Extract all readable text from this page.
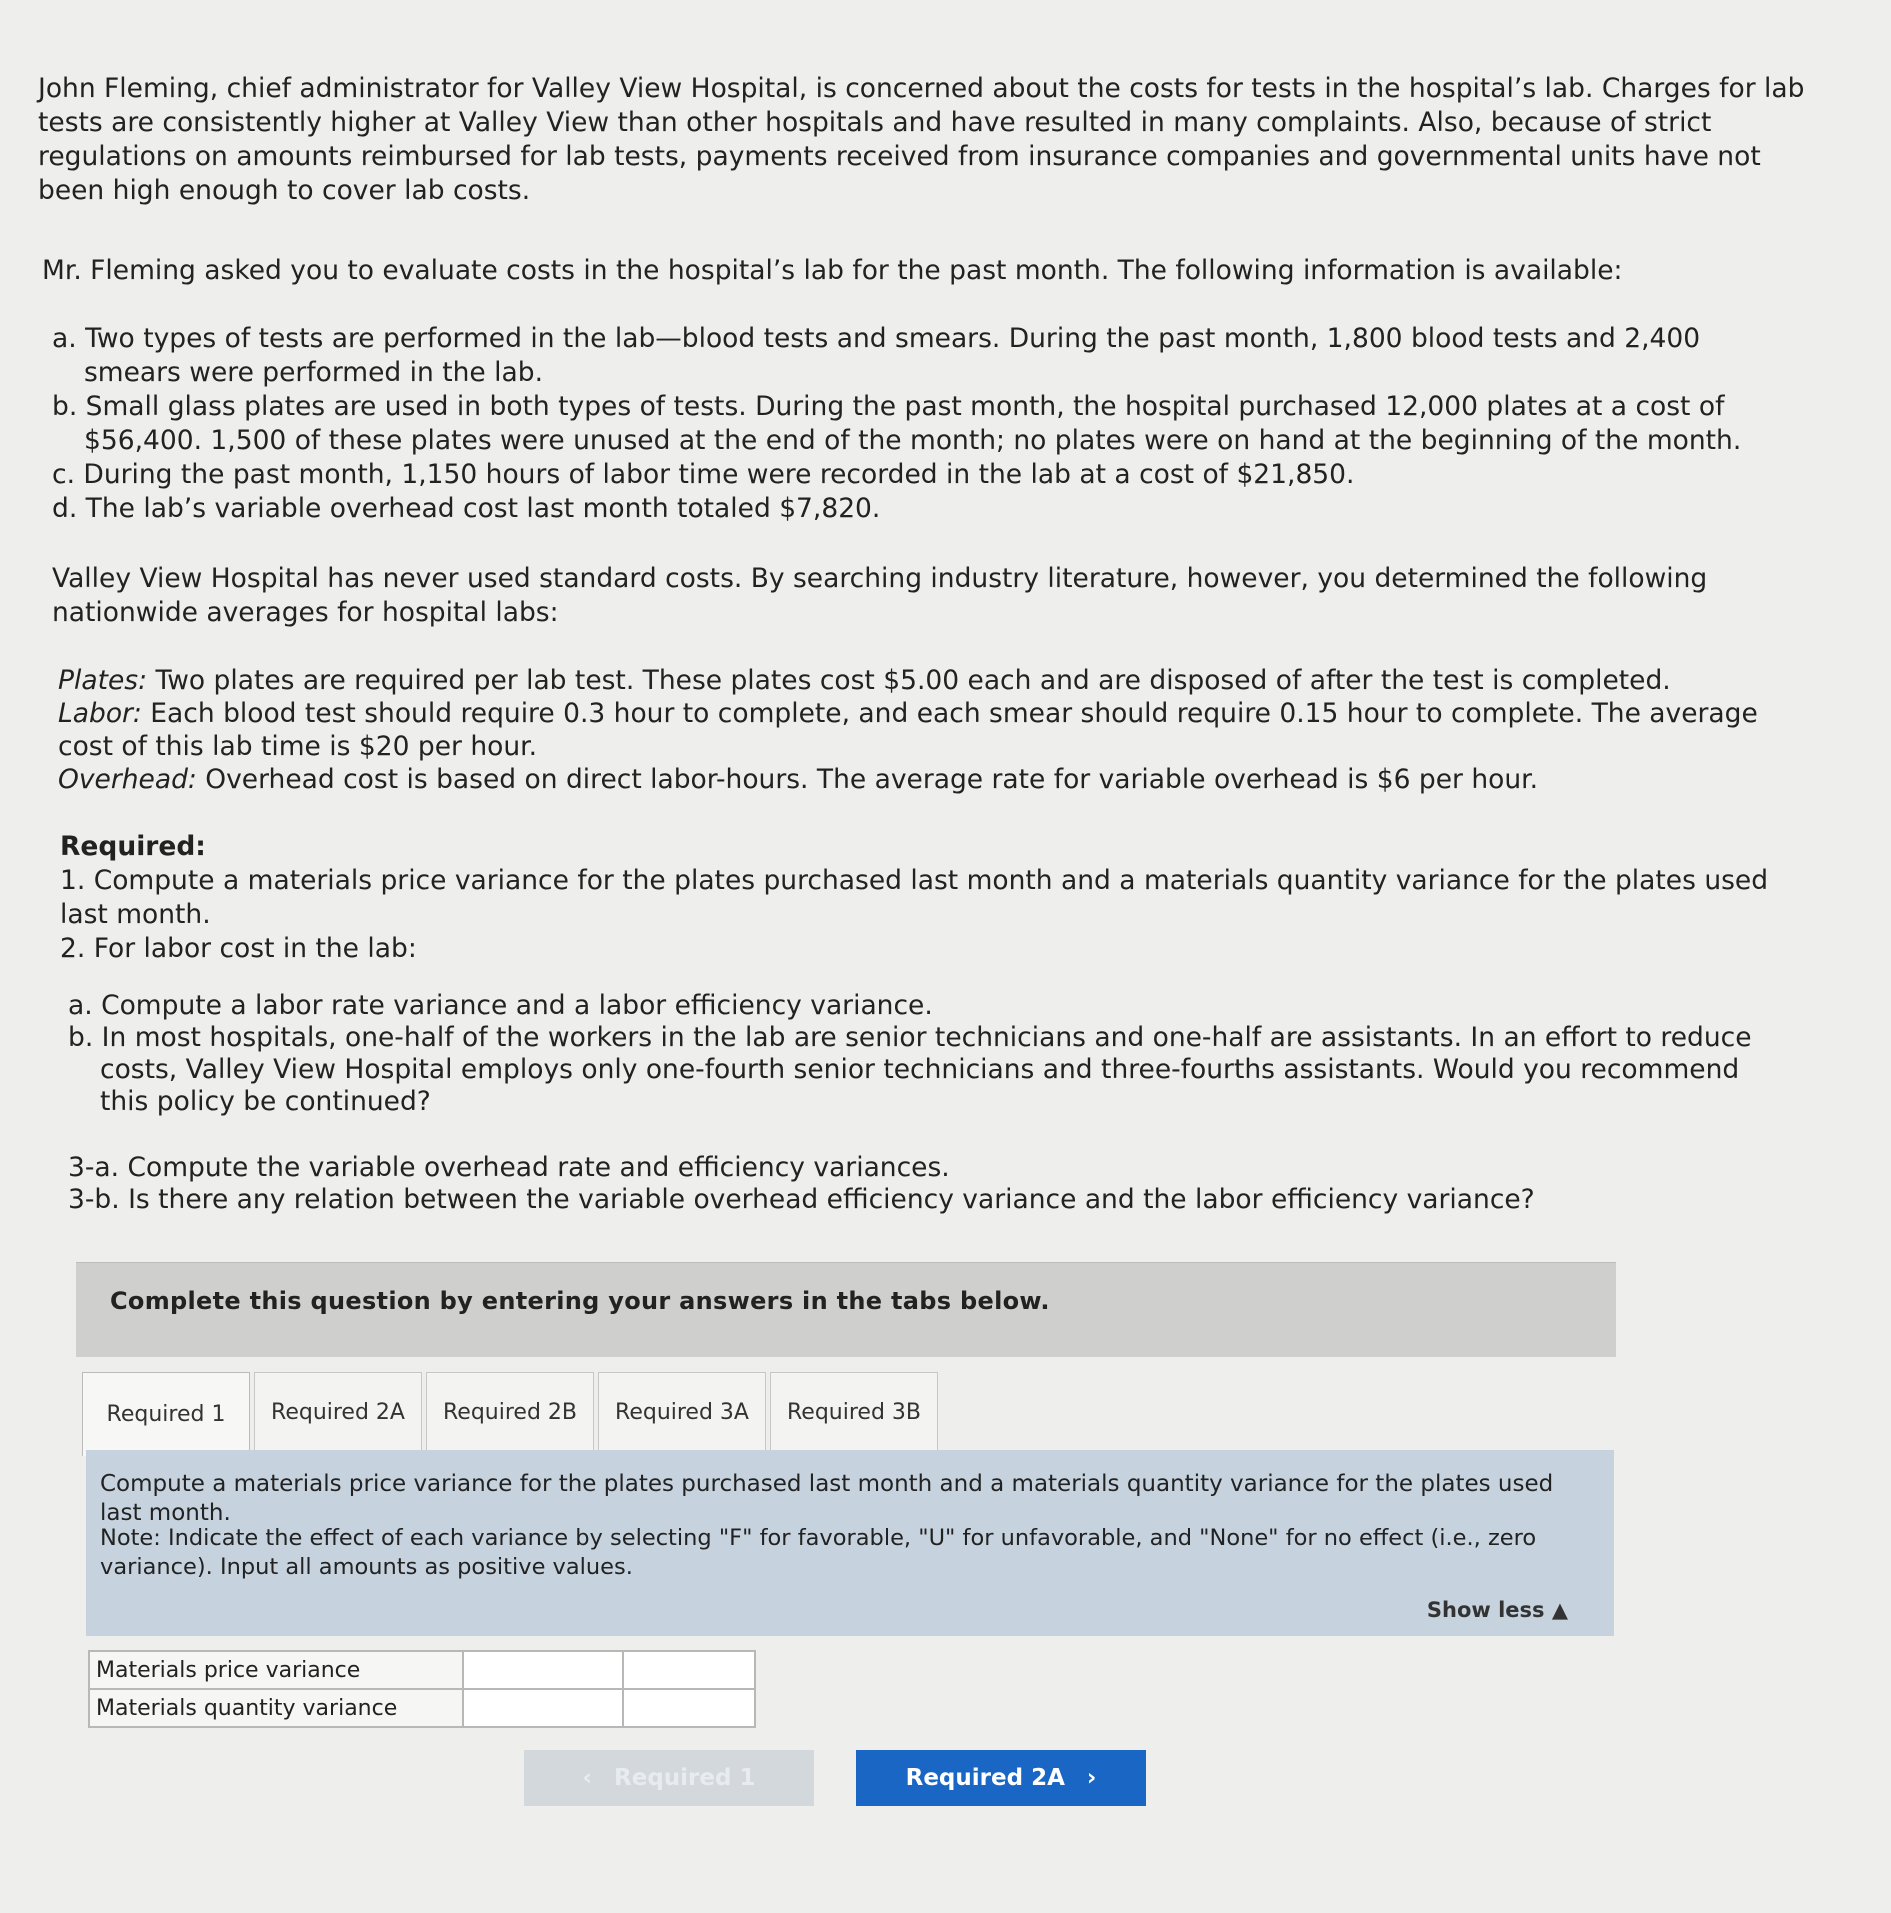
John Fleming, chief administrator for Valley View Hospital, is concerned about the costs for tests in the hospital’s lab. Charges for lab tests are consistently higher at Valley View than other hospitals and have resulted in many complaints. Also, because of strict regulations on amounts reimbursed for lab tests, payments received from insurance companies and governmental units have not been high enough to cover lab costs.

Mr. Fleming asked you to evaluate costs in the hospital’s lab for the past month. The following information is available:

a. Two types of tests are performed in the lab—blood tests and smears. During the past month, 1,800 blood tests and 2,400 smears were performed in the lab.
b. Small glass plates are used in both types of tests. During the past month, the hospital purchased 12,000 plates at a cost of $56,400. 1,500 of these plates were unused at the end of the month; no plates were on hand at the beginning of the month.
c. During the past month, 1,150 hours of labor time were recorded in the lab at a cost of $21,850.
d. The lab’s variable overhead cost last month totaled $7,820.

Valley View Hospital has never used standard costs. By searching industry literature, however, you determined the following nationwide averages for hospital labs:

Plates: Two plates are required per lab test. These plates cost $5.00 each and are disposed of after the test is completed.

Labor: Each blood test should require 0.3 hour to complete, and each smear should require 0.15 hour to complete. The average cost of this lab time is $20 per hour.

Overhead: Overhead cost is based on direct labor-hours. The average rate for variable overhead is $6 per hour.

Required:

1. Compute a materials price variance for the plates purchased last month and a materials quantity variance for the plates used last month.

2. For labor cost in the lab:

a. Compute a labor rate variance and a labor efficiency variance.
b. In most hospitals, one-half of the workers in the lab are senior technicians and one-half are assistants. In an effort to reduce costs, Valley View Hospital employs only one-fourth senior technicians and three-fourths assistants. Would you recommend this policy be continued?

3-a. Compute the variable overhead rate and efficiency variances.

3-b. Is there any relation between the variable overhead efficiency variance and the labor efficiency variance?

Complete this question by entering your answers in the tabs below.
Required 1	Required 2A	Required 2B	Required 3A	Required 3B
Compute a materials price variance for the plates purchased last month and a materials quantity variance for the plates used last month.
Note: Indicate the effect of each variance by selecting "F" for favorable, "U" for unfavorable, and "None" for no effect (i.e., zero variance). Input all amounts as positive values.
Show less ▲
Materials price variance		
Materials quantity variance		
‹ Required 1	Required 2A ›
